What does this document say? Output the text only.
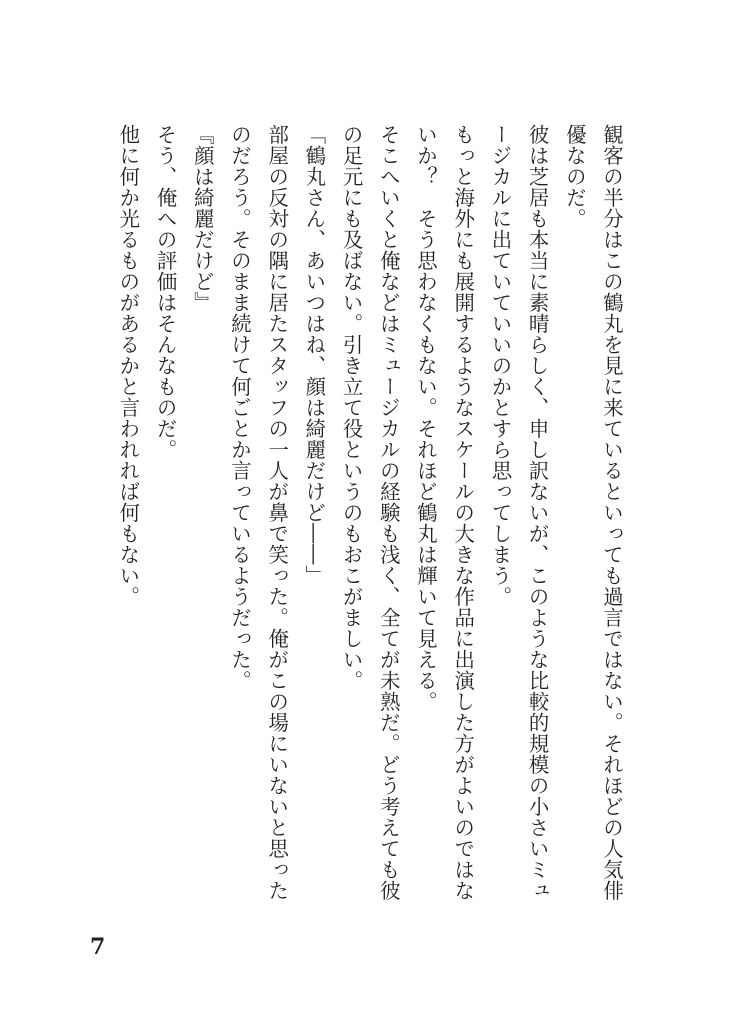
観客の半分はこの鶴丸を見に来ているといっても過言ではない。それほどの人気俳
優なのだ。
彼は芝居も本当に素晴らしく、申し訳ないが、このような比較的規模の小さいミュ
ージカルに出ていていいのかとすら思ってしまう。
もっと海外にも展開するようなスケールの大きな作品に出演した方がよいのではな
いか？　そう思わなくもない。それほど鶴丸は輝いて見える。
そこへいくと俺などはミュージカルの経験も浅く、全てが未熟だ。どう考えても彼
の足元にも及ばない。引き立て役というのもおこがましい。
「鶴丸さん、あいつはね、顔は綺麗だけど――」
部屋の反対の隅に居たスタッフの一人が鼻で笑った。俺がこの場にいないと思った
のだろう。そのまま続けて何ごとか言っているようだった。
『顔は綺麗だけど』
そう、俺への評価はそんなものだ。
他に何か光るものがあるかと言われれば何もない。
7
